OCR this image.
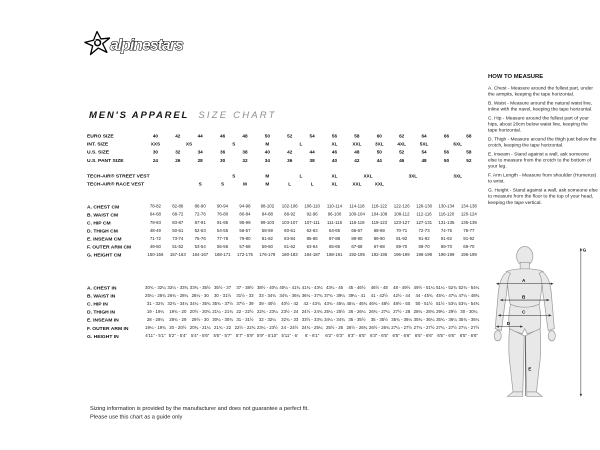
alpinestars
MEN'S APPAREL SIZE CHART
EURO SIZE	40	42	44	46	48	50	52	54	56	58	60	62	64	66	68
INT. SIZE	XXS	XS		S		M	L		XL	XXL	3XL	4XL	5XL	6XL	
U.S. SIZE	30	32	34	36	38	40	42	44	46	48	50	52	54	56	58
U.S. PANT SIZE	24	26	28	30	32	34	36	38	40	42	44	46	48	50	52

TECH-AIR® STREET VEST				S		M	L		XL	XXL		3XL		3XL	
TECH-AIR® RACE VEST			S	S	M	M	L	L	XL	XXL	XXL				

A. CHEST CM	78-82	82-86	86-90	90-94	94-98	98-102	102-106	106-110	110-114	114-118	118-122	122-126	126-130	130-134	134-138
B. WAIST CM	64-68	68-72	72-76	76-80	80-84	84-88	88-92	92-96	96-100	100-104	104-108	108-112	112-116	116-120	120-124
C. HIP CM	79-83	83-87	87-91	91-95	95-99	99-103	103-107	107-111	111-115	115-119	119-123	123-127	127-131	131-135	135-139
D. THIGH CM	48-49	50-51	52-53	54-55	56-57	58-59	60-61	62-63	64-65	66-67	68-69	70-71	72-73	74-75	76-77
E. INSEAM CM	71-72	73-74	75-76	77-78	79-80	81-82	83-84	85-86	87-88	89-90	89-90	91-92	91-92	91-92	91-92
F. OUTER ARM CM	49-50	51-52	53-54	55-56	57-58	59-60	61-62	63-64	65-66	67-68	67-68	69-70	69-70	69-70	69-70
G. HEIGHT CM	150-156	157-163	164-167	168-171	172-175	176-179	180-183	184-187	188-191	192-195	192-195	196-199	196-199	196-199	196-199

A. CHEST IN	30¾ - 32¼	32¼ - 33¾	33¾ - 35½	35½ - 37	37 - 38½	38½ - 40¼	40¼ - 41¾	41¾ - 43¼	43¼ - 45	45 - 46½	46½ - 48	48 - 49½	49½ - 51¼	51¼ - 52¾	52¾ - 54¼
B. WAIST IN	25¼ - 26¾	26¾ - 28¼	28¼ - 30	30 - 31½	31½ - 33	33 - 34¾	34¾ - 36¼	36¼ - 37¾	37¾ - 39¼	39¼ - 41	41 - 42½	42½ - 44	44 - 45¾	45¾ - 47¼	47¼ - 48¾
C. HIP IN	31 - 32¾	32¾ - 34¼	34¼ - 35¾	35¾ - 37½	37½ - 39	39 - 40½	40½ - 42	42 - 43¾	43¾ - 45¼	45¼ - 46¾	46¾ - 48½	48½ - 50	50 - 51½	51½ - 53¼	53¼ - 54¾
D. THIGH IN	19 - 19¼	19¾ - 20	20½ - 20¾	21¼ - 21¾	22 - 22½	22¾ - 23¼	23½ - 24	24½ - 24¾	25¼ - 25½	26 - 26¼	26¾ - 27¼	27½ - 28	28¼ - 28¾	29¼ - 29½	30 - 30¼
E. INSEAM IN	28 - 28¼	28¾ - 29	29½ - 30	30¼ - 30¾	31 - 31½	32 - 32¼	32¾ - 33	33½ - 33¾	34¼ - 34¾	35 - 35½	35 - 35½	35¾ - 36¼	35¾ - 36¼	35¾ - 36¼	35¾ - 36¼
F. OUTER ARM IN	19¼ - 19¾	20 - 20½	20¾ - 21¼	21¾ - 22	22½ - 22¾	23¼ - 23½	24 - 24½	24¾ - 25¼	25½ - 26	26½ - 26¾	26½ - 26¾	27¼ - 27½	27¼ - 27½	27¼ - 27½	27¼ - 27½
G. HEIGHT IN	4'11" - 5'1"	5'2" - 5'4"	5'4" - 5'6"	5'6" - 5'7"	5'7" - 5'9"	5'9" - 5'10"	5'11" - 6'	6' - 6'1"	6'2" - 6'3"	6'3" - 6'5"	6'3" - 6'5"	6'5" - 6'6"	6'5" - 6'6"	6'5" - 6'6"	6'5" - 6'6"
HOW TO MEASURE

A. Chest - Measure around the fullest part, under the armpits, keeping the tape horizontal.

B. Waist - Measure around the natural waist line, inline with the navel, keeping the tape horizontal.

C. Hip - Measure around the fullest part of your hips, about 20cm below waist line, keeping the tape horizontal.

D. Thigh - Measure around the thigh just below the crotch, keeping the tape horizontal.

E. Inseam - Stand against a wall, ask someone else to measure from the crotch to the bottom of your leg.

F. Arm Length - Measure from shoulder (Humerus) to wrist.

G. Height - Stand against a wall, ask someone else to measure from the floor to the top of your head, keeping the tape vertical.

A
B
C
D
E
G
Sizing information is provided by the manufacturer and does not guarantee a perfect fit.
Please use this chart as a guide only
